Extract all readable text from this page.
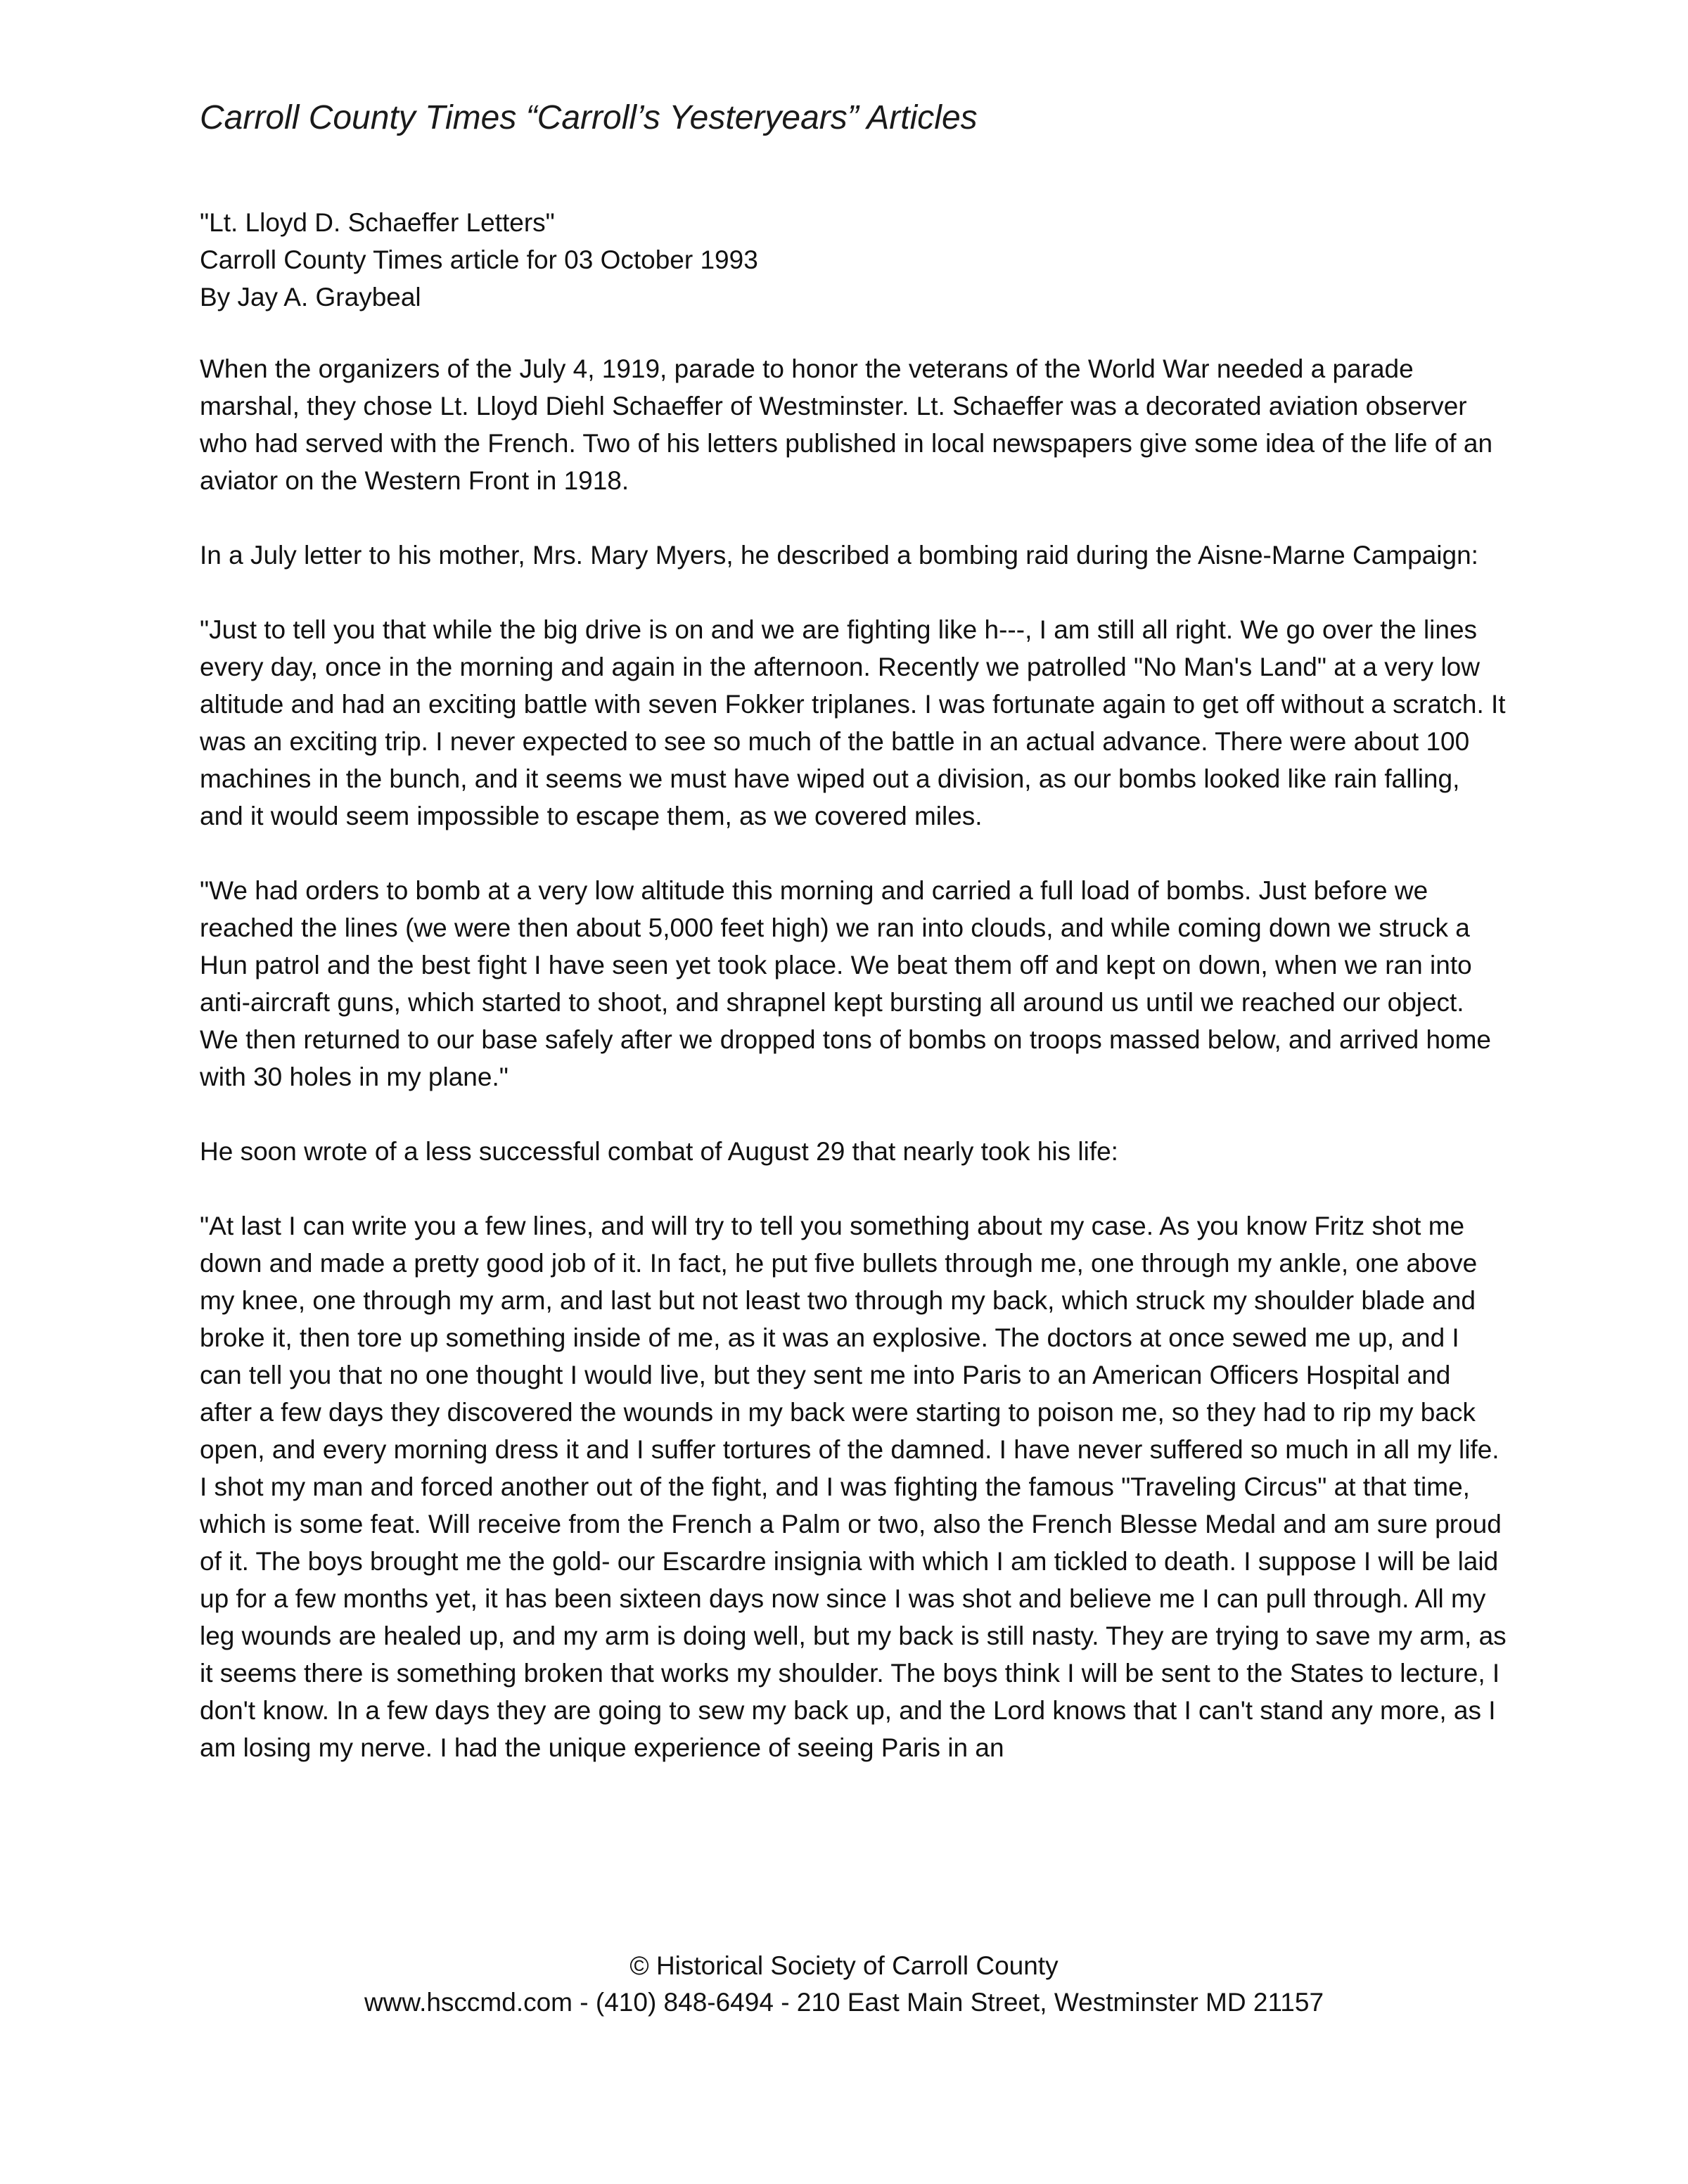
Carroll County Times “Carroll’s Yesteryears” Articles
"Lt. Lloyd D. Schaeffer Letters"
Carroll County Times article for 03 October 1993
By Jay A. Graybeal

When the organizers of the July 4, 1919, parade to honor the veterans of the World War needed a parade marshal, they chose Lt. Lloyd Diehl Schaeffer of Westminster. Lt. Schaeffer was a decorated aviation observer who had served with the French. Two of his letters published in local newspapers give some idea of the life of an aviator on the Western Front in 1918.

In a July letter to his mother, Mrs. Mary Myers, he described a bombing raid during the Aisne-Marne Campaign:

"Just to tell you that while the big drive is on and we are fighting like h---, I am still all right. We go over the lines every day, once in the morning and again in the afternoon. Recently we patrolled "No Man's Land" at a very low altitude and had an exciting battle with seven Fokker triplanes. I was fortunate again to get off without a scratch. It was an exciting trip. I never expected to see so much of the battle in an actual advance. There were about 100 machines in the bunch, and it seems we must have wiped out a division, as our bombs looked like rain falling, and it would seem impossible to escape them, as we covered miles.

"We had orders to bomb at a very low altitude this morning and carried a full load of bombs. Just before we reached the lines (we were then about 5,000 feet high) we ran into clouds, and while coming down we struck a Hun patrol and the best fight I have seen yet took place. We beat them off and kept on down, when we ran into anti-aircraft guns, which started to shoot, and shrapnel kept bursting all around us until we reached our object. We then returned to our base safely after we dropped tons of bombs on troops massed below, and arrived home with 30 holes in my plane."

He soon wrote of a less successful combat of August 29 that nearly took his life:

"At last I can write you a few lines, and will try to tell you something about my case. As you know Fritz shot me down and made a pretty good job of it. In fact, he put five bullets through me, one through my ankle, one above my knee, one through my arm, and last but not least two through my back, which struck my shoulder blade and broke it, then tore up something inside of me, as it was an explosive. The doctors at once sewed me up, and I can tell you that no one thought I would live, but they sent me into Paris to an American Officers Hospital and after a few days they discovered the wounds in my back were starting to poison me, so they had to rip my back open, and every morning dress it and I suffer tortures of the damned. I have never suffered so much in all my life. I shot my man and forced another out of the fight, and I was fighting the famous "Traveling Circus" at that time, which is some feat. Will receive from the French a Palm or two, also the French Blesse Medal and am sure proud of it. The boys brought me the gold- our Escardre insignia with which I am tickled to death. I suppose I will be laid up for a few months yet, it has been sixteen days now since I was shot and believe me I can pull through. All my leg wounds are healed up, and my arm is doing well, but my back is still nasty. They are trying to save my arm, as it seems there is something broken that works my shoulder. The boys think I will be sent to the States to lecture, I don't know. In a few days they are going to sew my back up, and the Lord knows that I can't stand any more, as I am losing my nerve. I had the unique experience of seeing Paris in an

© Historical Society of Carroll County
www.hsccmd.com - (410) 848-6494 - 210 East Main Street, Westminster MD 21157
